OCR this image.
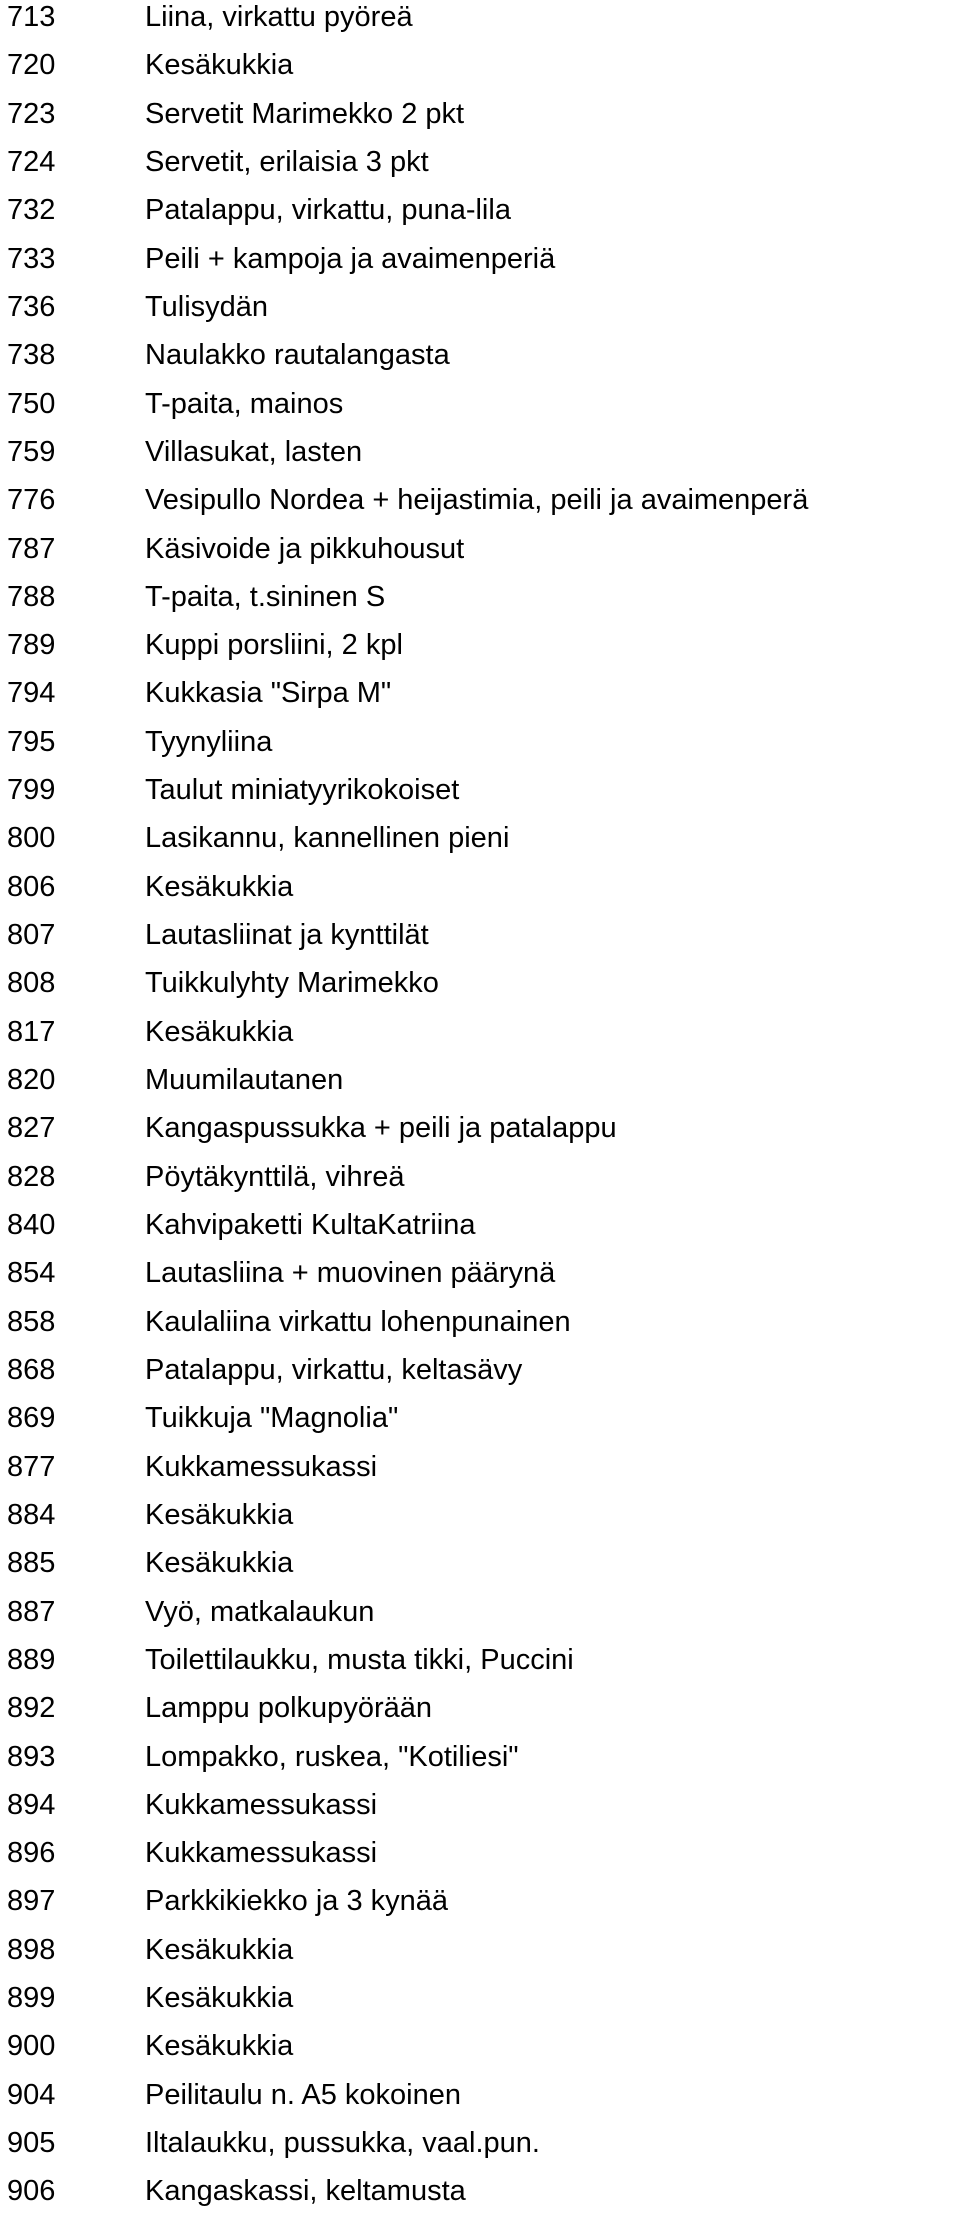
713	Liina, virkattu pyöreä
720	Kesäkukkia
723	Servetit Marimekko 2 pkt
724	Servetit, erilaisia 3 pkt
732	Patalappu, virkattu, puna-lila
733	Peili + kampoja ja avaimenperiä
736	Tulisydän
738	Naulakko rautalangasta
750	T-paita, mainos
759	Villasukat, lasten
776	Vesipullo Nordea + heijastimia, peili ja avaimenperä
787	Käsivoide ja pikkuhousut
788	T-paita, t.sininen S
789	Kuppi porsliini, 2 kpl
794	Kukkasia "Sirpa M"
795	Tyynyliina
799	Taulut miniatyyrikokoiset
800	Lasikannu, kannellinen pieni
806	Kesäkukkia
807	Lautasliinat ja kynttilät
808	Tuikkulyhty Marimekko
817	Kesäkukkia
820	Muumilautanen
827	Kangaspussukka + peili ja patalappu
828	Pöytäkynttilä, vihreä
840	Kahvipaketti KultaKatriina
854	Lautasliina + muovinen päärynä
858	Kaulaliina virkattu lohenpunainen
868	Patalappu, virkattu, keltasävy
869	Tuikkuja "Magnolia"
877	Kukkamessukassi
884	Kesäkukkia
885	Kesäkukkia
887	Vyö, matkalaukun
889	Toilettilaukku, musta tikki, Puccini
892	Lamppu polkupyörään
893	Lompakko, ruskea, "Kotiliesi"
894	Kukkamessukassi
896	Kukkamessukassi
897	Parkkikiekko ja 3 kynää
898	Kesäkukkia
899	Kesäkukkia
900	Kesäkukkia
904	Peilitaulu n. A5 kokoinen
905	Iltalaukku, pussukka, vaal.pun.
906	Kangaskassi, keltamusta
